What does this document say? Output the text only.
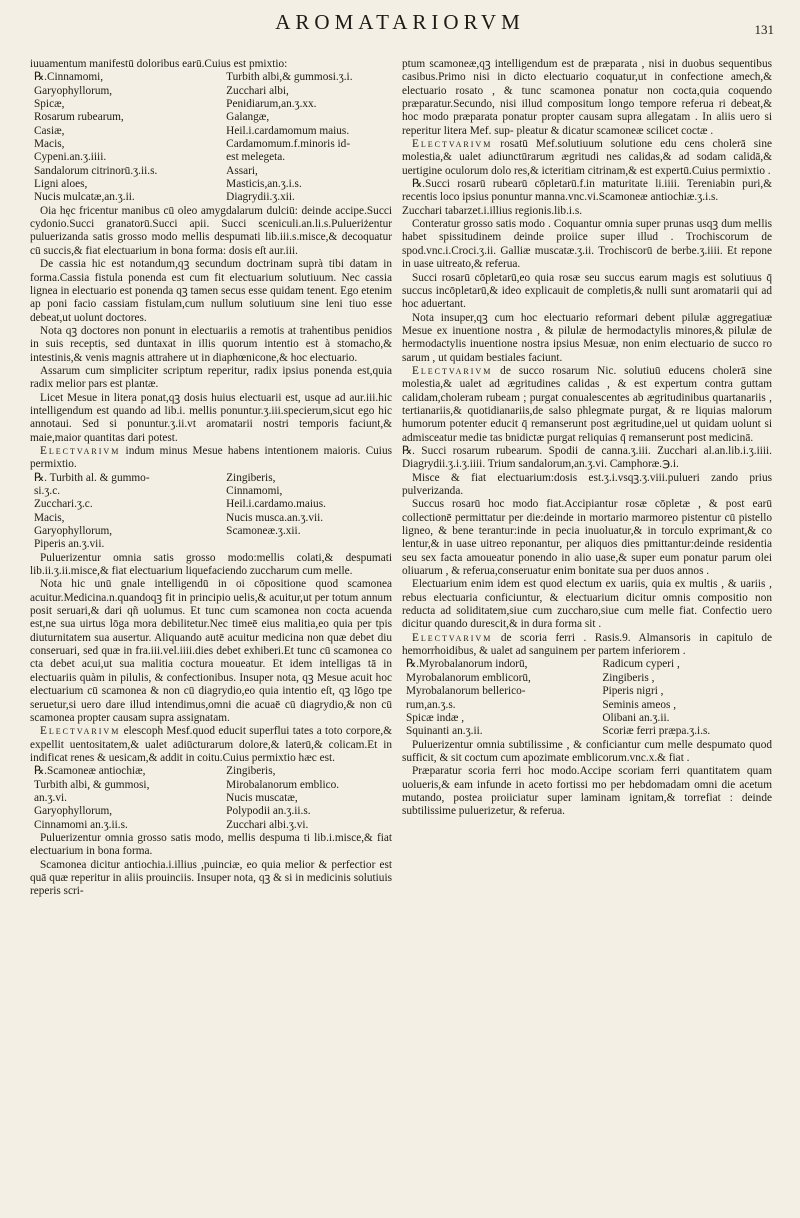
AROMATARIORVM	131

iuuamentum manifestū doloribus earū.Cuius est pmixtio:

℞.Cinnamomi,	Turbith albi,& gummosi.ʒ.i.
Garyophyllorum,	Zucchari albi,
Spicæ,	Penidiarum,an.ʒ.xx.
Rosarum rubearum,	Galangæ,
Casiæ,	Heil.i.cardamomum maius.
Macis,	Cardamomum.f.minoris id-
Cypeni.an.ʒ.iiii.	est melegeta.
Sandalorum citrinorū.ʒ.ii.s.	Assari,
Ligni aloes,	Masticis,an.ʒ.i.s.
Nucis mulcatæ,an.ʒ.ii.	Diagrydii.ʒ.xii.

Oia hęc fricentur manibus cū oleo amygdalarum dulciū: deinde accipe.Succi cydonio.Succi granatorū.Succi apii. Succi sceniculi.an.li.s.Pulueriżentur puluerizanda satis grosso modo mellis despumati lib.iii.s.misce,& decoquatur cū succis,& fiat electuarium in bona forma: dosis eſt aur.iii.

De cassia hic est notandum,qꝫ secundum doctrinam suprà tibi datam in forma.Cassia fistula ponenda est cum fit electuarium solutiuum. Nec cassia lignea in electuario est ponenda qꝫ tamen secus esse quidam tenent. Ego etenim ap poni facio cassiam fistulam,cum nullum solutiuum sine leni tiuo esse debeat,ut uolunt doctores.

Nota qꝫ doctores non ponunt in electuariis a remotis at trahentibus penidios in suis receptis, sed duntaxat in illis quorum intentio est à stomacho,& intestinis,& venis magnis attrahere ut in diaphœnicone,& hoc electuario.

Assarum cum simpliciter scriptum reperitur, radix ipsius ponenda est,quia radix melior pars est plantæ.

Licet Mesue in litera ponat,qꝫ dosis huius electuarii est, usque ad aur.iii.hic intelligendum est quando ad lib.i. mellis ponuntur.ʒ.iii.specierum,sicut ego hic annotaui. Sed si ponuntur.ʒ.ii.vt aromatarii nostri temporis faciunt,& maie,maior quantitas dari potest.

Electvarivm indum minus Mesue habens intentionem maioris. Cuius permixtio.

℞. Turbith al. & gummo-	Zingiberis,
si.ʒ.c.	Cinnamomi,
Zucchari.ʒ.c.	Heil.i.cardamo.maius.
Macis,	Nucis musca.an.ʒ.vii.
Garyophyllorum,	Scamoneæ.ʒ.xii.
Piperis an.ʒ.vii.

Puluerizentur omnia satis grosso modo:mellis colati,& despumati lib.ii.ʒ.ii.misce,& fiat electuarium liquefaciendo zuccharum cum melle.

Nota hic unū gnale intelligendū in oi cōpositione quod scamonea acuitur.Medicina.n.quandoqꝫ fit in principio uelis,& acuitur,ut per totum annum posit seruari,& dari qñ uolumus. Et tunc cum scamonea non cocta acuenda est,ne sua uirtus lōga mora debilitetur.Nec timeē eius malitia,eo quia per tpis diuturnitatem sua ausertur. Aliquando autē acuitur medicina non quæ debet diu conseruari, sed quæ in fra.iii.vel.iiii.dies debet exhiberi.Et tunc cū scamonea co cta debet acui,ut sua malitia coctura moueatur. Et idem intelligas tā in electuariis quàm in pilulis, & confectionibus. Insuper nota, qꝫ Mesue acuit hoc electuarium cū scamonea & non cū diagrydio,eo quia intentio eſt, qꝫ lōgo tpe seruetur,si uero dare illud intendimus,omni die acuaē cū diagrydio,& non cū scamonea propter causam supra assignatam.

Electvarivm elescoph Mesf.quod educit superflui tates a toto corpore,& expellit uentositatem,& ualet adiūcturarum dolore,& laterū,& colicam.Et in indificat renes & uesicam,& addit in coitu.Cuius permixtio hæc est.

℞.Scamoneæ antiochiæ,	Zingiberis,
Turbith albi, & gummosi,	Mirobalanorum emblico.
an.ʒ.vi.	Nucis muscatæ,
Garyophyllorum,	Polypodii an.ʒ.ii.s.
Cinnamomi an.ʒ.ii.s.	Zucchari albi.ʒ.vi.

Puluerizentur omnia grosso satis modo, mellis despuma ti lib.i.misce,& fiat electuarium in bona forma.

Scamonea dicitur antiochia.i.illius ,puinciæ, eo quia melior & perfectior est quā quæ reperitur in aliis prouinciis. Insuper nota, qꝫ & si in medicinis solutiuis reperis scri-

ptum scamoneæ,qꝫ intelligendum est de præparata , nisi in duobus sequentibus casibus.Primo nisi in dicto electuario coquatur,ut in confectione amech,& electuario rosato , & tunc scamonea ponatur non cocta,quia coquendo præparatur.Secundo, nisi illud compositum longo tempore referua ri debeat,& hoc modo præparata ponatur propter causam supra allegatam . In aliis uero si reperitur litera Mef. sup- pleatur & dicatur scamoneæ scilicet coctæ .

Electvarivm rosatū Mef.solutiuum solutione edu cens cholerā sine molestia,& ualet adiunctūrarum ægritudi nes calidas,& ad sodam calidā,& uertigine oculorum dolo res,& icteritiam citrinam,& est expertū.Cuius permixtio .

℞.Succi rosarū rubearū cōpletarū.f.in maturitate li.iiii. Tereniabin puri,& recentis loco ipsius ponuntur manna.vnc.vi.Scamoneæ antiochiæ.ʒ.i.s.

Zucchari tabarzet.i.illius regionis.lib.i.s.

Conteratur grosso satis modo . Coquantur omnia super prunas usqꝫ dum mellis habet spissitudinem deinde proiice super illud . Trochiscorum de spod.vnc.i.Croci.ʒ.ii. Galliæ muscatæ.ʒ.ii. Trochiscorū de berbe.ʒ.iiii. Et repone in uase uitreato,& referua.

Succi rosarū cōpletarū,eo quia rosæ seu succus earum magis est solutiuus q̄ succus incōpletarū,& ideo explicauit de completis,& nulli sunt aromatarii qui ad hoc aduertant.

Nota insuper,qꝫ cum hoc electuario reformari debent pilulæ aggregatiuæ Mesue ex inuentione nostra , & pilulæ de hermodactylis minores,& pilulæ de hermodactylis inuentione nostra ipsius Mesuæ, non enim electuario de succo ro sarum , ut quidam bestiales faciunt.

Electvarivm de succo rosarum Nic. solutiuū educens cholerā sine molestia,& ualet ad ægritudines calidas , & est expertum contra guttam calidam,choleram rubeam ; purgat conualescentes ab ægritudinibus quartanariis , tertianariis,& quotidianariis,de salso phlegmate purgat, & re liquias malorum humorum potenter educit q̄ remanserunt post ægritudine,uel ut quidam uolunt si admisceatur medie tas bnidictæ purgat reliquias q̄ remanserunt post medicinā.

℞. Succi rosarum rubearum. Spodii de canna.ʒ.iii. Zucchari al.an.lib.i.ʒ.iiii. Diagrydii.ʒ.i.ʒ.iiii. Trium sandalorum,an.ʒ.vi. Camphoræ.℈.i.

Misce & fiat electuarium:dosis est.ʒ.i.vsqꝫ.ʒ.viii.pulueri zando prius pulverizanda.

Succus rosarū hoc modo fiat.Accipiantur rosæ cōpletæ , & post earū collectionē permittatur per die:deinde in mortario marmoreo pistentur cū pistello ligneo, & bene terantur:inde in pecia inuoluatur,& in torculo exprimant,& co lentur,& in uase uitreo reponantur, per aliquos dies pmittantur:deinde residentia seu sex facta amoueatur ponendo in alio uase,& super eum ponatur parum olei oliuarum , & referua,conseruatur enim bonitate sua per duos annos .

Electuarium enim idem est quod electum ex uariis, quia ex multis , & uariis , rebus electuaria conficiuntur, & electuarium dicitur omnis compositio non reducta ad soliditatem,siue cum zuccharo,siue cum melle fiat. Confectio uero dicitur quando durescit,& in dura forma sit .

Electvarivm de scoria ferri . Rasis.9. Almansoris in capitulo de hemorrhoidibus, & ualet ad sanguinem per partem inferiorem .

℞.Myrobalanorum indorū,	Radicum cyperi ,
Myrobalanorum emblicorū,	Zingiberis ,
Myrobalanorum bellerico-	Piperis nigri ,
rum,an.ʒ.s.	Seminis ameos ,
Spicæ indæ ,	Olibani an.ʒ.ii.
Squinanti an.ʒ.ii.	Scoriæ ferri præpa.ʒ.i.s.

Puluerizentur omnia subtilissime , & conficiantur cum melle despumato quod sufficit, & sit coctum cum apozimate emblicorum.vnc.x.& fiat .

Præparatur scoria ferri hoc modo.Accipe scoriam ferri quantitatem quam uolueris,& eam infunde in aceto fortissi mo per hebdomadam omni die acetum mutando, postea proiiciatur super laminam ignitam,& torrefiat : deinde subtilissime puluerizetur, & referua.
